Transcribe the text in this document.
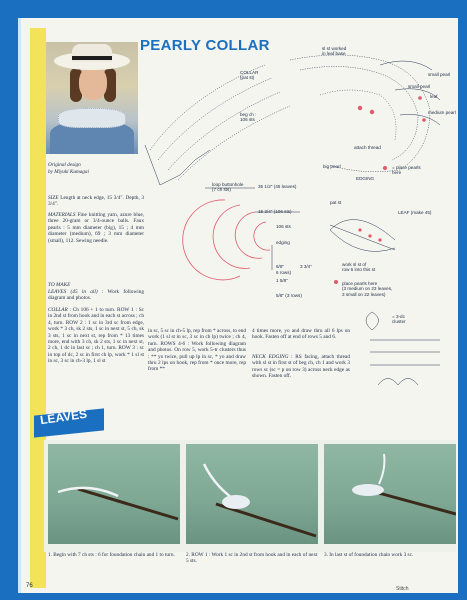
PEARLY COLLAR
Original design
by Miyuki Kumagai
SIZE Length at neck edge, 15 3/4". Depth, 3 3/4".
MATERIALS Fine knitting yarn, azure blue, three 20-gram or 3/4-ounce balls. Faux pearls : 5 mm diameter (big), 15 ; 4 mm diameter (medium), 69 ; 3 mm diameter (small), 112. Sewing needle.
TO MAKE
LEAVES (45 in all) : Work following diagram and photos.
COLLAR : Ch 106 + 1 to turn. ROW 1 : Sc in 2nd st from hook and in each st across ; ch 4, turn. ROW 2 : 1 sc in 3rd sc from edge, work * 3 ch, sk 2 sts, 1 sc in next st, 5 ch, sk 3 sts, 1 sc in next st, rep from * 13 times more, end with 3 ch, sk 2 sts, 1 sc in next st, 2 ch, 1 dc in last sc ; ch 1, turn. ROW 3 : sc in top of dc, 2 sc in first ch lp, work * 1 sl st in sc, 3 sc in ch-3 lp, 1 sl st
in sc, 5 sc in ch-5 lp, rep from * across, to end work (1 sl st in sc, 3 sc in ch lp) twice ; ch 4, turn. ROWS 4-6 : Work following diagram and photos. On row 5, work 5-tr clusters thus : ** yo twice, pull up lp in sc, * yo and draw thru 2 lps on hook, rep from * once more, rep from **
4 times more, yo and draw thru all 6 lps on hook. Fasten off at end of rows 5 and 6.
NECK EDGING : RS facing, attach thread with sl st in first st of beg ch, ch 1 and work 3 rows sc (sc = p on row 3) across neck edge as shown. Fasten off.
COLLAR
(pat st)
sl st worked
in leaf base
beg ch :
106 sts
big pearl
EDGING
= place pearls
here
attach thread
small pearl
small pearl
leaf
medium pearl
loop buttonhole
(7 ch sts)
35 1/2" (45 leaves)
pat st
15 3/4" (106 sts)
106 sts
edging
6/8"
6 rows)
3 3/4"
1 5/8"
5/8" (3 rows)
LEAF (make 45)
work sl st of
row 6 into this st
place pearls here
(3 medium on 23 leaves,
3 small on 22 leaves)
= 3-dc
cluster
LEAVES
1. Begin with 7 ch sts : 6 for foundation chain and 1 to turn.	2. ROW 1 : Work 1 sc in 2nd st from hook and in each of next 5 sts.
3. In last st of foundation chain work 3 sc.
76	Stitch
